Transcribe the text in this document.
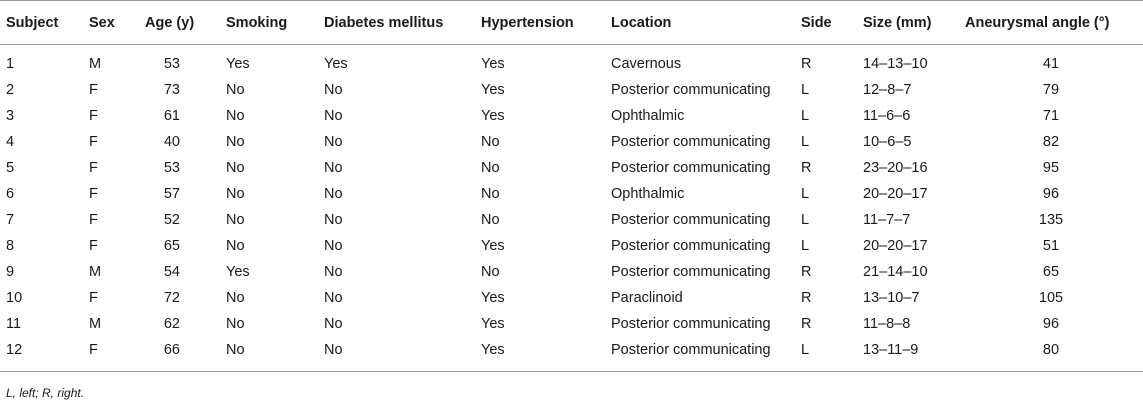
Subject	Sex	Age (y)	Smoking	Diabetes mellitus	Hypertension	Location	Side	Size (mm)	Aneurysmal angle (°)
1	M	53	Yes	Yes	Yes	Cavernous	R	14–13–10	41
2	F	73	No	No	Yes	Posterior communicating	L	12–8–7	79
3	F	61	No	No	Yes	Ophthalmic	L	11–6–6	71
4	F	40	No	No	No	Posterior communicating	L	10–6–5	82
5	F	53	No	No	No	Posterior communicating	R	23–20–16	95
6	F	57	No	No	No	Ophthalmic	L	20–20–17	96
7	F	52	No	No	No	Posterior communicating	L	11–7–7	135
8	F	65	No	No	Yes	Posterior communicating	L	20–20–17	51
9	M	54	Yes	No	No	Posterior communicating	R	21–14–10	65
10	F	72	No	No	Yes	Paraclinoid	R	13–10–7	105
11	M	62	No	No	Yes	Posterior communicating	R	11–8–8	96
12	F	66	No	No	Yes	Posterior communicating	L	13–11–9	80
L, left; R, right.
